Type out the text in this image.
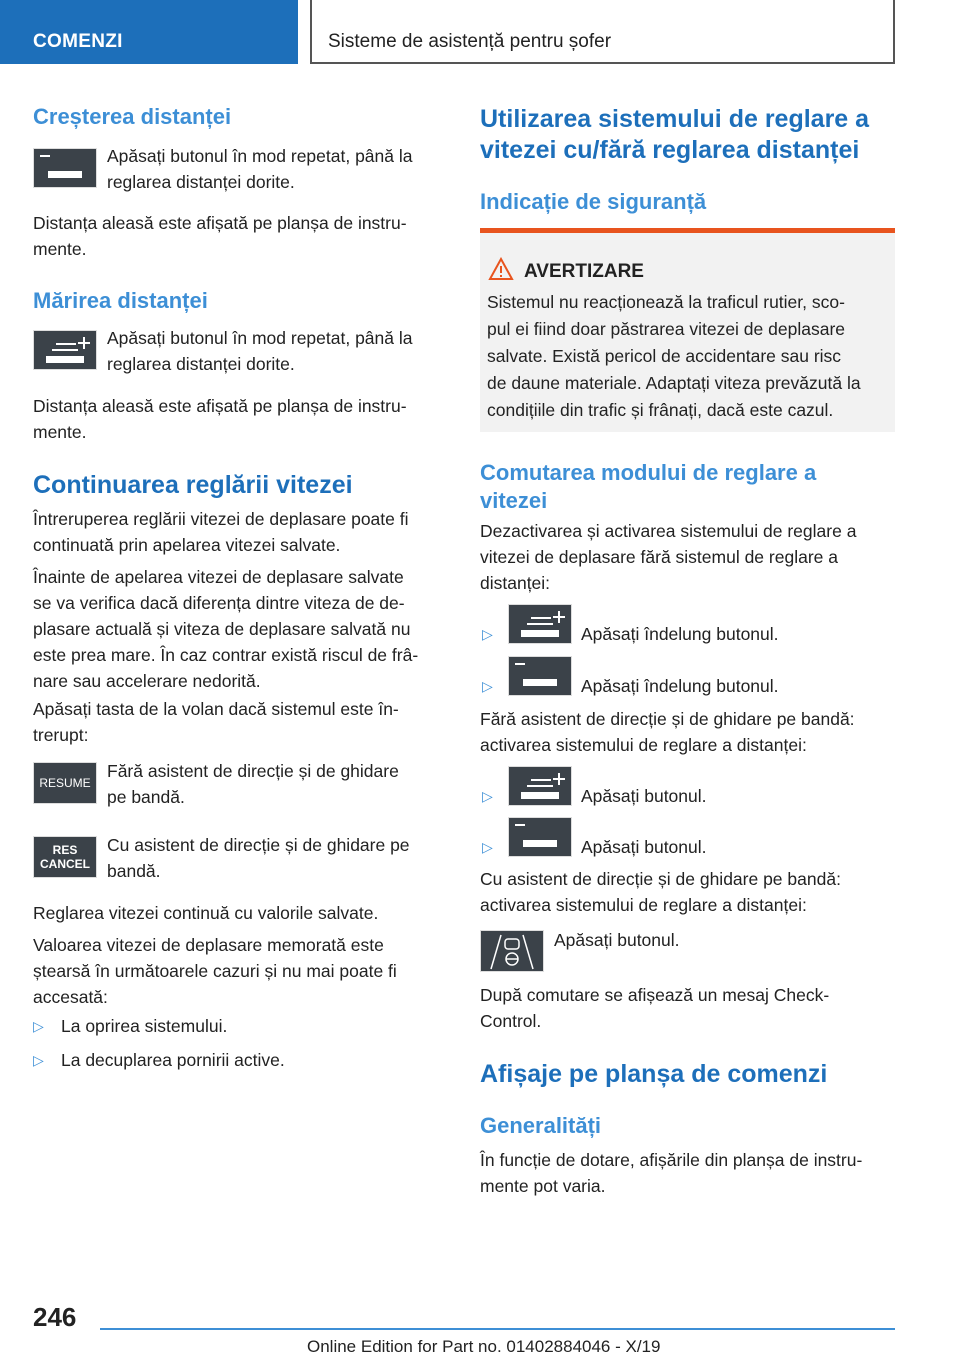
COMENZI	Sisteme de asistență pentru șofer
Creșterea distanței
Apăsați butonul în mod repetat, până la
reglarea distanței dorite.
Distanța aleasă este afișată pe planșa de instru-
mente.
Mărirea distanței
Apăsați butonul în mod repetat, până la
reglarea distanței dorite.
Distanța aleasă este afișată pe planșa de instru-
mente.
Continuarea reglării vitezei
Întreruperea reglării vitezei de deplasare poate fi
continuată prin apelarea vitezei salvate.
Înainte de apelarea vitezei de deplasare salvate
se va verifica dacă diferența dintre viteza de de-
plasare actuală și viteza de deplasare salvată nu
este prea mare. În caz contrar există riscul de frâ-
nare sau accelerare nedorită.
Apăsați tasta de la volan dacă sistemul este în-
trerupt:
RESUME
Fără asistent de direcție și de ghidare
pe bandă.
RES
CANCEL
Cu asistent de direcție și de ghidare pe
bandă.
Reglarea vitezei continuă cu valorile salvate.
Valoarea vitezei de deplasare memorată este
ștearsă în următoarele cazuri și nu mai poate fi
accesată:
▷ La oprirea sistemului.
▷ La decuplarea pornirii active.
Utilizarea sistemului de reglare a
vitezei cu/fără reglarea distanței
Indicație de siguranță
AVERTIZARE
Sistemul nu reacționează la traficul rutier, sco-
pul ei fiind doar păstrarea vitezei de deplasare
salvate. Există pericol de accidentare sau risc
de daune materiale. Adaptați viteza prevăzută la
condițiile din trafic și frânați, dacă este cazul.
Comutarea modului de reglare a
vitezei
Dezactivarea și activarea sistemului de reglare a
vitezei de deplasare fără sistemul de reglare a
distanței:
▷	Apăsați îndelung butonul.
▷	Apăsați îndelung butonul.
Fără asistent de direcție și de ghidare pe bandă:
activarea sistemului de reglare a distanței:
▷	Apăsați butonul.
▷	Apăsați butonul.
Cu asistent de direcție și de ghidare pe bandă:
activarea sistemului de reglare a distanței:
Apăsați butonul.
După comutare se afișează un mesaj Check-
Control.
Afișaje pe planșa de comenzi
Generalități
În funcție de dotare, afișările din planșa de instru-
mente pot varia.
246
Online Edition for Part no. 01402884046 - X/19
